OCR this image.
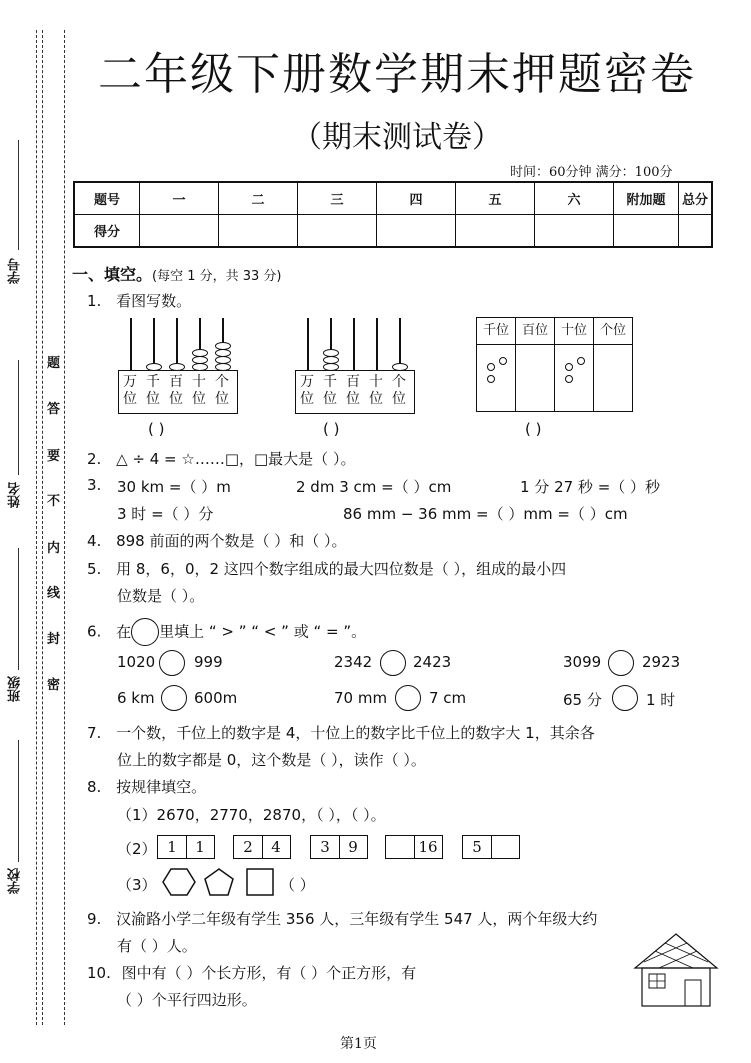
题
答
要
不
内
线
封
密
学号
姓名
班级
学校
二年级下册数学期末押题密卷
（期末测试卷）
时间：60分钟 满分：100分
题号	一	二	三	四	五	六	附加题	总分
得分								
一、填空。(每空 1 分，共 33 分)
1. 看图写数。
万
位
千
位
百
位
十
位
个
位
( )
万
位
千
位
百
位
十
位
个
位
( )
千位 百位 十位 个位
( )
2. △ ÷ 4 = ☆……□，□最大是（ ）。
3. 30 km =（ ）m	2 dm 3 cm =（ ）cm	1 分 27 秒 =（ ）秒
3 时 =（ ）分	86 mm − 36 mm =（ ）mm =（ ）cm
4. 898 前面的两个数是（ ）和（ ）。
5. 用 8，6，0，2 这四个数字组成的最大四位数是（ ），组成的最小四
位数是（ ）。
6. 在 里填上 “ > ” “ < ” 或 “ = ”。
1020	999	2342	2423	3099	2923
6 km	600m	70 mm	7 cm	65 分	1 时
7. 一个数，千位上的数字是 4，十位上的数字比千位上的数字大 1，其余各
位上的数字都是 0，这个数是（ ），读作（ ）。
8. 按规律填空。
（1）2670，2770，2870，（ ），（ ）。
（2） 1	1	2	4	3	9	16	5
（3）	（ ）
9. 汉渝路小学二年级有学生 356 人，三年级有学生 547 人，两个年级大约
有（ ）人。
10. 图中有（ ）个长方形，有（ ）个正方形，有
（ ）个平行四边形。
第1页
